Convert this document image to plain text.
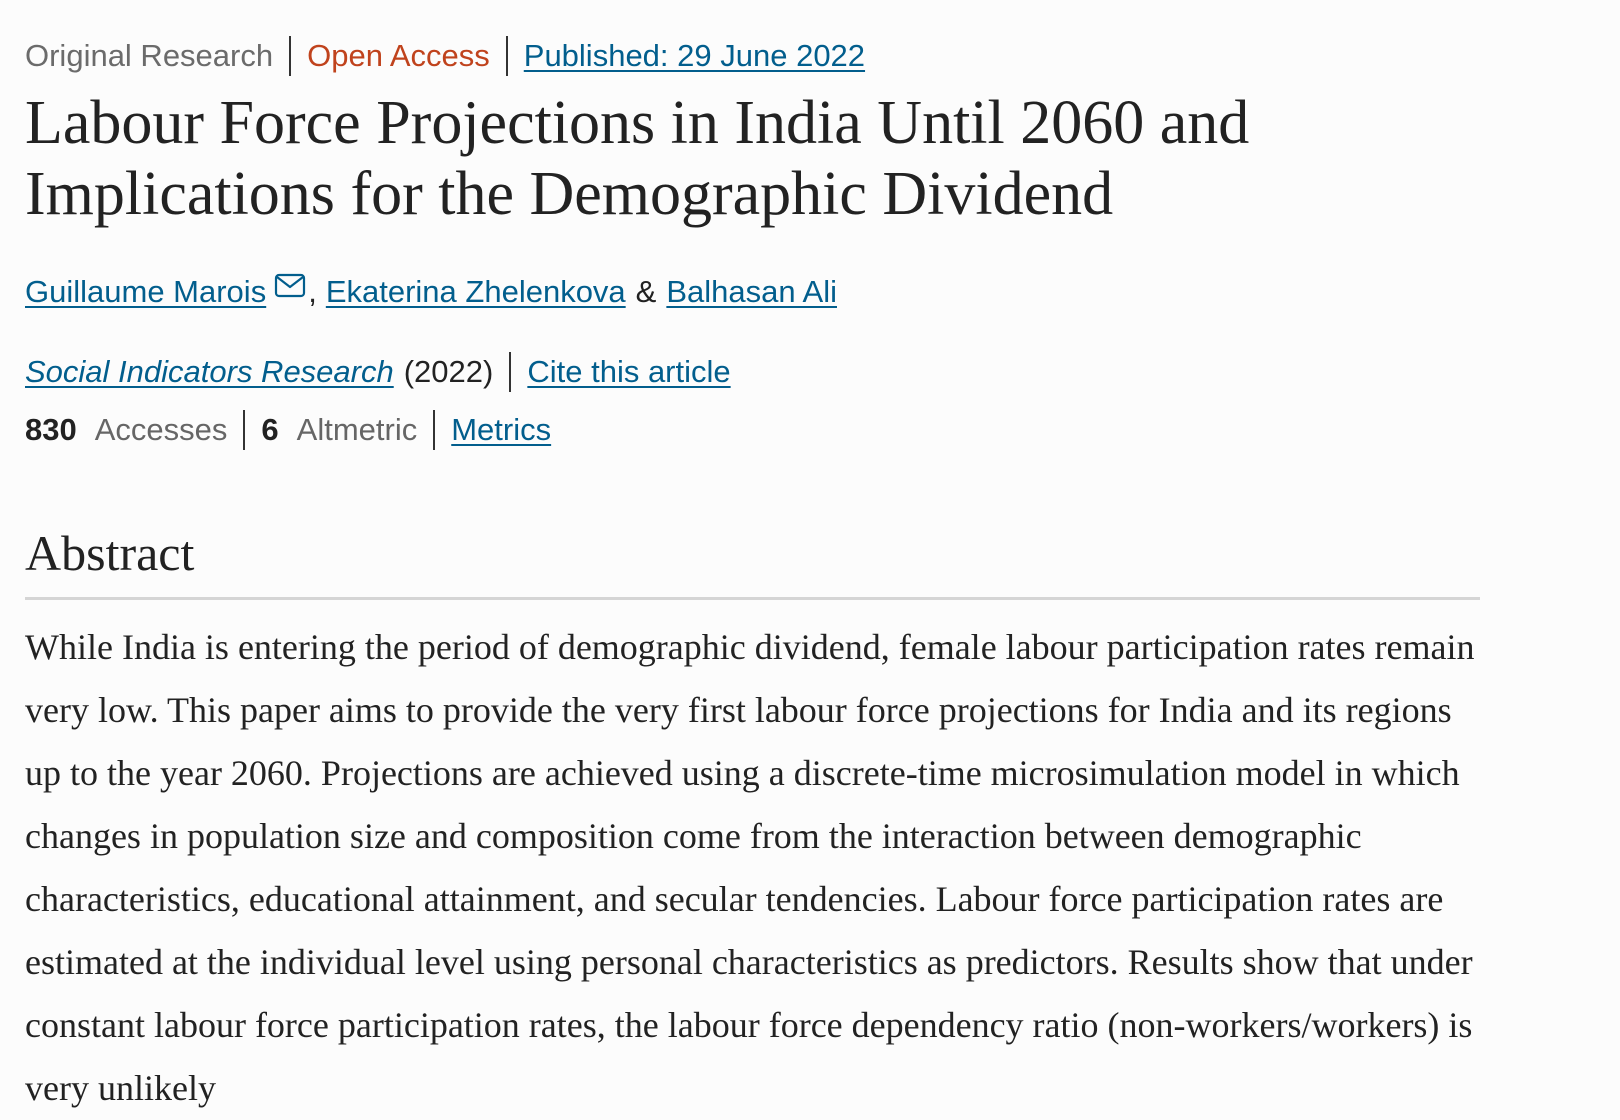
Original Research Open Access Published: 29 June 2022
Labour Force Projections in India Until 2060 and Implications for the Demographic Dividend
Guillaume Marois , Ekaterina Zhelenkova & Balhasan Ali
Social Indicators Research (2022) Cite this article
830 Accesses 6 Altmetric Metrics
Abstract

While India is entering the period of demographic dividend, female labour participation rates remain very low. This paper aims to provide the very first labour force projections for India and its regions up to the year 2060. Projections are achieved using a discrete-time microsimulation model in which changes in population size and composition come from the interaction between demographic characteristics, educational attainment, and secular tendencies. Labour force participation rates are estimated at the individual level using personal characteristics as predictors. Results show that under constant labour force participation rates, the labour force dependency ratio (non-workers/workers) is very unlikely
